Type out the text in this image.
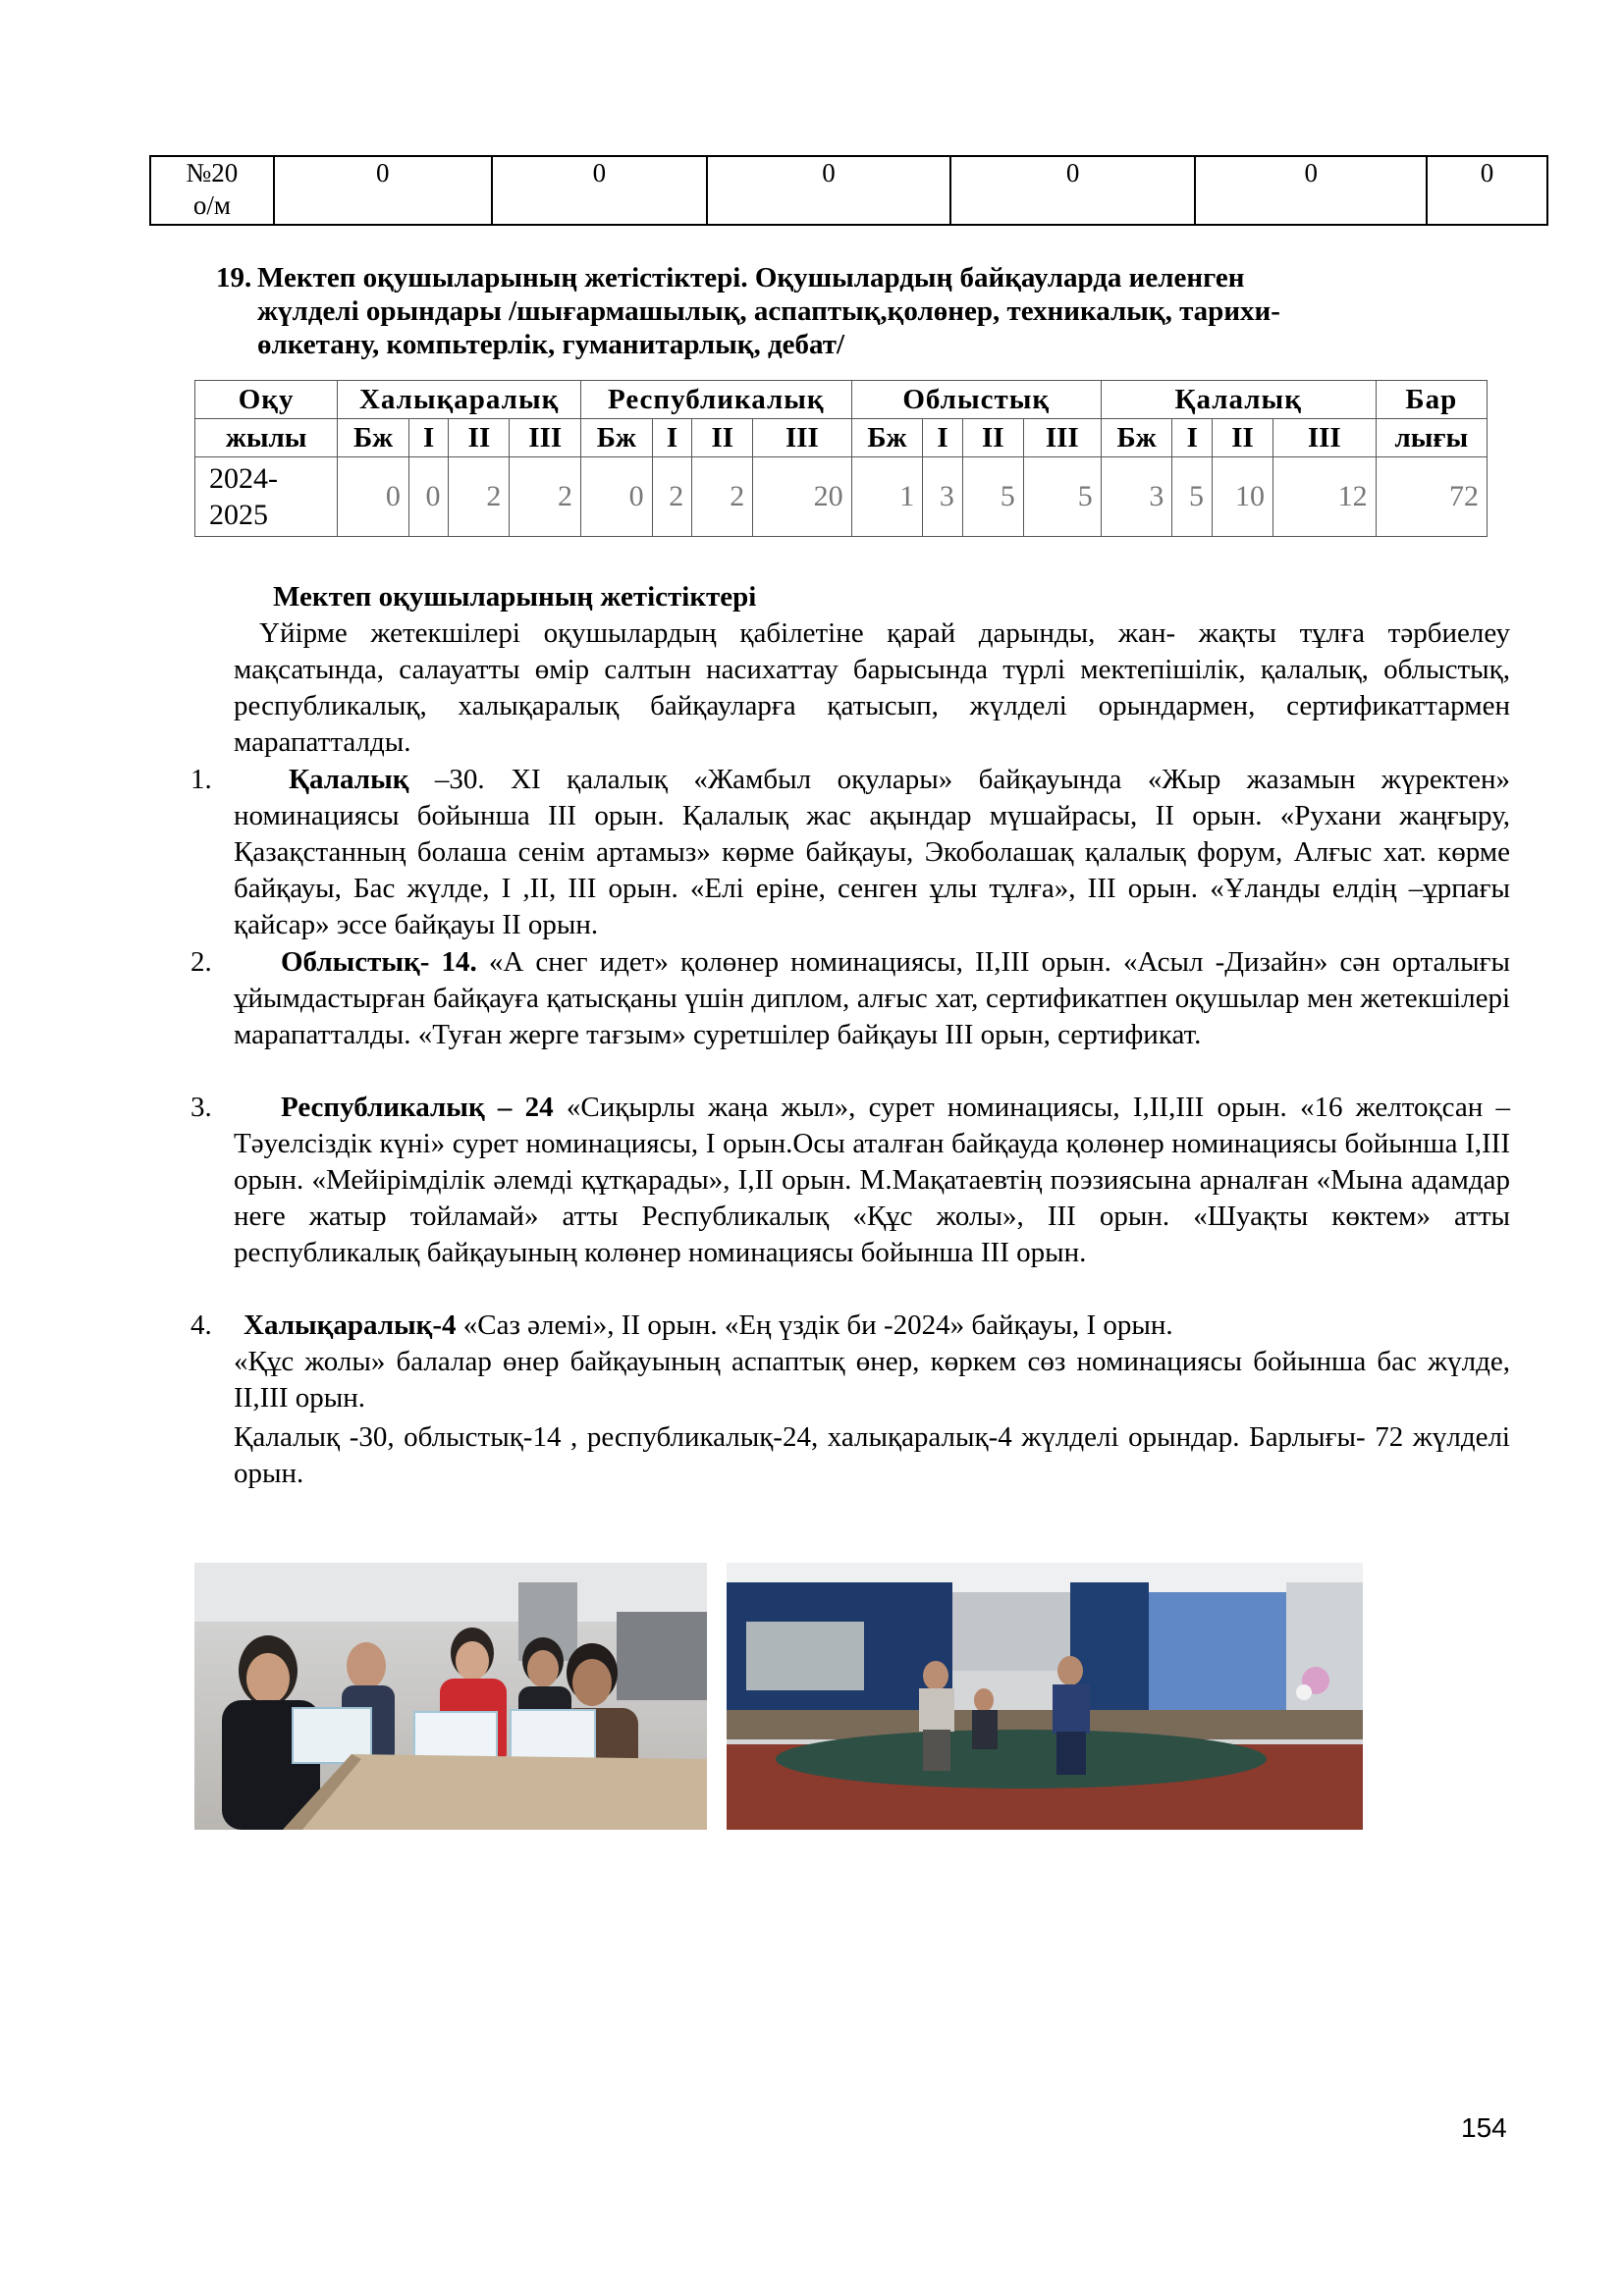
№20
о/м
	0	0	0	0	0	0
19. Мектеп оқушыларының жетістіктері. Оқушылардың байқауларда иеленген
жүлделі орындары /шығармашылық, аспаптық,қолөнер, техникалық, тарихи-
өлкетану, компьтерлік, гуманитарлық, дебат/
Оқу	Халықаралық				Республикалық				Облыстық				Қалалық				Бар
жылы	Бж	І	ІІ	ІІІ	Бж	І	ІІ	ІІІ	Бж	І	ІІ	ІІІ	Бж	І	ІІ	ІІІ	лығы

2024-
2025	0	0	2	2	0	2	2	20	1	3	5	5	3	5	10	12	72
Мектеп оқушыларының жетістіктері
Үйірме жетекшілері оқушылардың қабілетіне қарай дарынды, жан- жақты тұлға тәрбиелеу мақсатында, салауатты өмір салтын насихаттау барысында түрлі мектепішілік, қалалық, облыстық, республикалық, халықаралық байқауларға қатысып, жүлделі орындармен, сертификаттармен марапатталды.
1.	Қалалық –30. ХІ қалалық «Жамбыл оқулары» байқауында «Жыр жазамын жүректен» номинациясы бойынша ІІІ орын. Қалалық жас ақындар мүшайрасы, ІІ орын. «Рухани жаңғыру, Қазақстанның болаша сенім артамыз» көрме байқауы, Экоболашақ қалалық форум, Алғыс хат. көрме байқауы, Бас жүлде, І ,ІІ, ІІІ орын. «Елі еріне, сенген ұлы тұлға», ІІІ орын. «Ұланды елдің –ұрпағы қайсар» эссе байқауы ІІ орын.
2.	Облыстық- 14. «А снег идет» қолөнер номинациясы, ІІ,ІІІ орын. «Асыл -Дизайн» сән орталығы ұйымдастырған байқауға қатысқаны үшін диплом, алғыс хат, сертификатпен оқушылар мен жетекшілері марапатталды. «Туған жерге тағзым» суретшілер байқауы ІІІ орын, сертификат.
3.	Республикалық – 24 «Сиқырлы жаңа жыл», сурет номинациясы, І,ІІ,ІІІ орын. «16 желтоқсан – Тәуелсіздік күні» сурет номинациясы, І орын.Осы аталған байқауда қолөнер номинациясы бойынша І,ІІІ орын. «Мейірімділік әлемді құтқарады», І,ІІ орын. М.Мақатаевтің поэзиясына арналған «Мына адамдар неге жатыр тойламай» атты Республикалық «Құс жолы», ІІІ орын. «Шуақты көктем» атты республикалық байқауының колөнер номинациясы бойынша ІІІ орын.
4.	Халықаралық-4 «Саз әлемі», ІІ орын. «Ең үздік би -2024» байқауы, І орын.
«Құс жолы» балалар өнер байқауының аспаптық өнер, көркем сөз номинациясы бойынша бас жүлде, ІІ,ІІІ орын.
Қалалық -30, облыстық-14 , республикалық-24, халықаралық-4 жүлделі орындар. Барлығы- 72 жүлделі орын.
154
